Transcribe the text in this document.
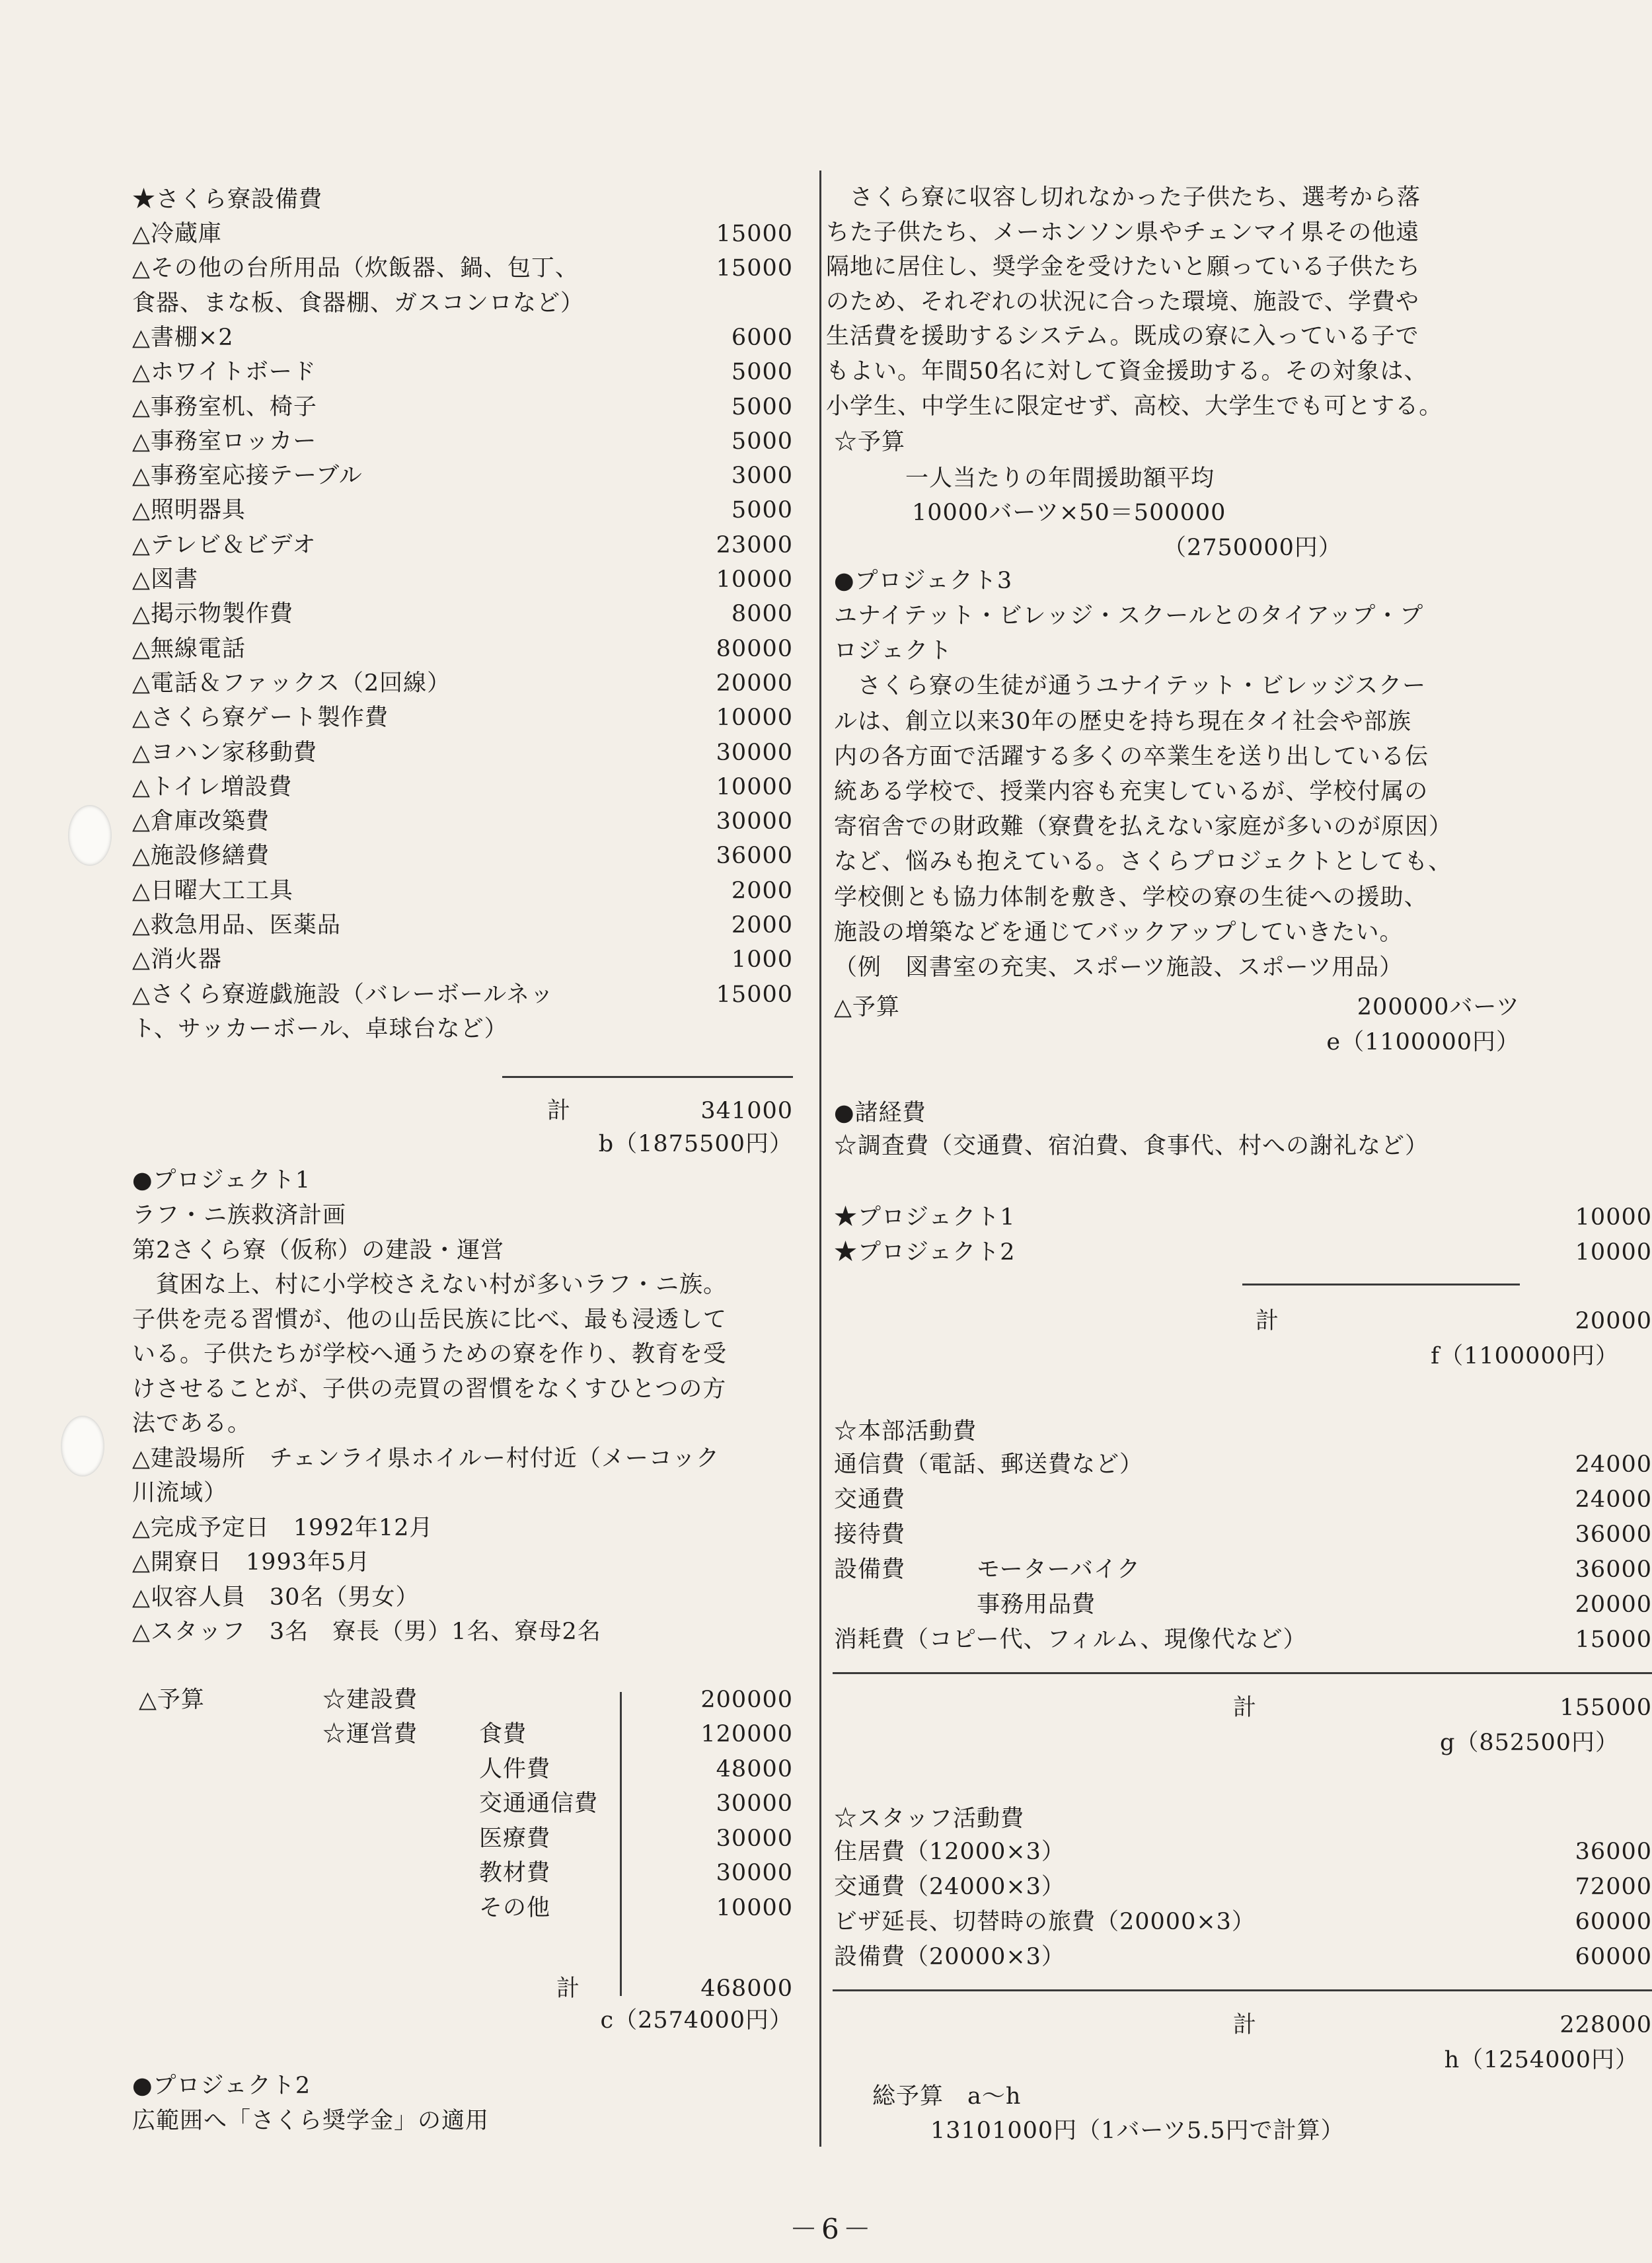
★さくら寮設備費
△冷蔵庫	15000
△その他の台所用品（炊飯器、鍋、包丁、	15000
食器、まな板、食器棚、ガスコンロなど）
△書棚×2	6000
△ホワイトボード	5000
△事務室机、椅子	5000
△事務室ロッカー	5000
△事務室応接テーブル	3000
△照明器具	5000
△テレビ＆ビデオ	23000
△図書	10000
△掲示物製作費	8000
△無線電話	80000
△電話＆ファックス（2回線）	20000
△さくら寮ゲート製作費	10000
△ヨハン家移動費	30000
△トイレ増設費	10000
△倉庫改築費	30000
△施設修繕費	36000
△日曜大工工具	2000
△救急用品、医薬品	2000
△消火器	1000
△さくら寮遊戯施設（バレーボールネッ	15000
ト、サッカーボール、卓球台など）
計	341000
b（1875500円）
●プロジェクト1
ラフ・ニ族救済計画
第2さくら寮（仮称）の建設・運営
　貧困な上、村に小学校さえない村が多いラフ・ニ族。
子供を売る習慣が、他の山岳民族に比べ、最も浸透して
いる。子供たちが学校へ通うための寮を作り、教育を受
けさせることが、子供の売買の習慣をなくすひとつの方
法である。
△建設場所　チェンライ県ホイルー村付近（メーコック
川流域）
△完成予定日　1992年12月
△開寮日　1993年5月
△収容人員　30名（男女）
△スタッフ　3名　寮長（男）1名、寮母2名
△予算	☆建設費	200000
☆運営費	食費	120000
人件費	48000
交通通信費	30000
医療費	30000
教材費	30000
その他	10000
計	468000
c（2574000円）
●プロジェクト2
広範囲へ「さくら奨学金」の適用
　さくら寮に収容し切れなかった子供たち、選考から落
ちた子供たち、メーホンソン県やチェンマイ県その他遠
隔地に居住し、奨学金を受けたいと願っている子供たち
のため、それぞれの状況に合った環境、施設で、学費や
生活費を援助するシステム。既成の寮に入っている子で
もよい。年間50名に対して資金援助する。その対象は、
小学生、中学生に限定せず、高校、大学生でも可とする。
☆予算
一人当たりの年間援助額平均
10000バーツ×50＝500000
（2750000円）
●プロジェクト3
ユナイテット・ビレッジ・スクールとのタイアップ・プ
ロジェクト
　さくら寮の生徒が通うユナイテット・ビレッジスクー
ルは、創立以来30年の歴史を持ち現在タイ社会や部族
内の各方面で活躍する多くの卒業生を送り出している伝
統ある学校で、授業内容も充実しているが、学校付属の
寄宿舎での財政難（寮費を払えない家庭が多いのが原因）
など、悩みも抱えている。さくらプロジェクトとしても、
学校側とも協力体制を敷き、学校の寮の生徒への援助、
施設の増築などを通じてバックアップしていきたい。
（例　図書室の充実、スポーツ施設、スポーツ用品）
△予算	200000バーツ
e（1100000円）
●諸経費
☆調査費（交通費、宿泊費、食事代、村への謝礼など）
★プロジェクト1	10000
★プロジェクト2	10000
計	20000
f（1100000円）
☆本部活動費
通信費（電話、郵送費など）	24000
交通費	24000
接待費	36000
設備費　　　モーターバイク	36000
　　　　　　事務用品費	20000
消耗費（コピー代、フィルム、現像代など）	15000
計	155000
g（852500円）
☆スタッフ活動費
住居費（12000×3）	36000
交通費（24000×3）	72000
ビザ延長、切替時の旅費（20000×3）	60000
設備費（20000×3）	60000
計	228000
h（1254000円）
総予算　a～h
13101000円（1バーツ5.5円で計算）
－6－
